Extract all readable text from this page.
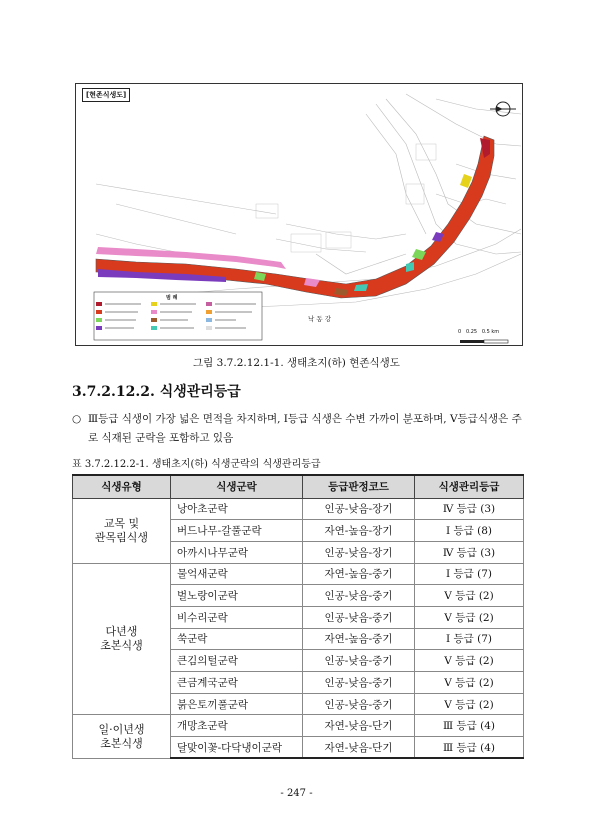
[현존식생도]
범 례
낙 동 강
0   0.25   0.5 km
그림 3.7.2.12.1-1. 생태초지(하) 현존식생도
3.7.2.12.2. 식생관리등급
○ Ⅲ등급 식생이 가장 넓은 면적을 차지하며, Ⅰ등급 식생은 수변 가까이 분포하며, Ⅴ등급식생은 주로 식재된 군락을 포함하고 있음
표 3.7.2.12.2-1. 생태초지(하) 식생군락의 식생관리등급
식생유형	식생군락	등급판정코드	식생관리등급
교목 및
관목림식생	낭아초군락	인공-낮음-장기	Ⅳ 등급 (3)
	버드나무-갈풀군락	자연-높음-장기	Ⅰ 등급 (8)
	아까시나무군락	인공-낮음-장기	Ⅳ 등급 (3)
다년생
초본식생	물억새군락	자연-높음-중기	Ⅰ 등급 (7)
	벌노랑이군락	인공-낮음-중기	Ⅴ 등급 (2)
	비수리군락	인공-낮음-중기	Ⅴ 등급 (2)
	쑥군락	자연-높음-중기	Ⅰ 등급 (7)
	큰김의털군락	인공-낮음-중기	Ⅴ 등급 (2)
	큰금계국군락	인공-낮음-중기	Ⅴ 등급 (2)
	붉은토끼풀군락	인공-낮음-중기	Ⅴ 등급 (2)
일·이년생
초본식생	개망초군락	자연-낮음-단기	Ⅲ 등급 (4)
	달맞이꽃-다닥냉이군락	자연-낮음-단기	Ⅲ 등급 (4)
- 247 -
